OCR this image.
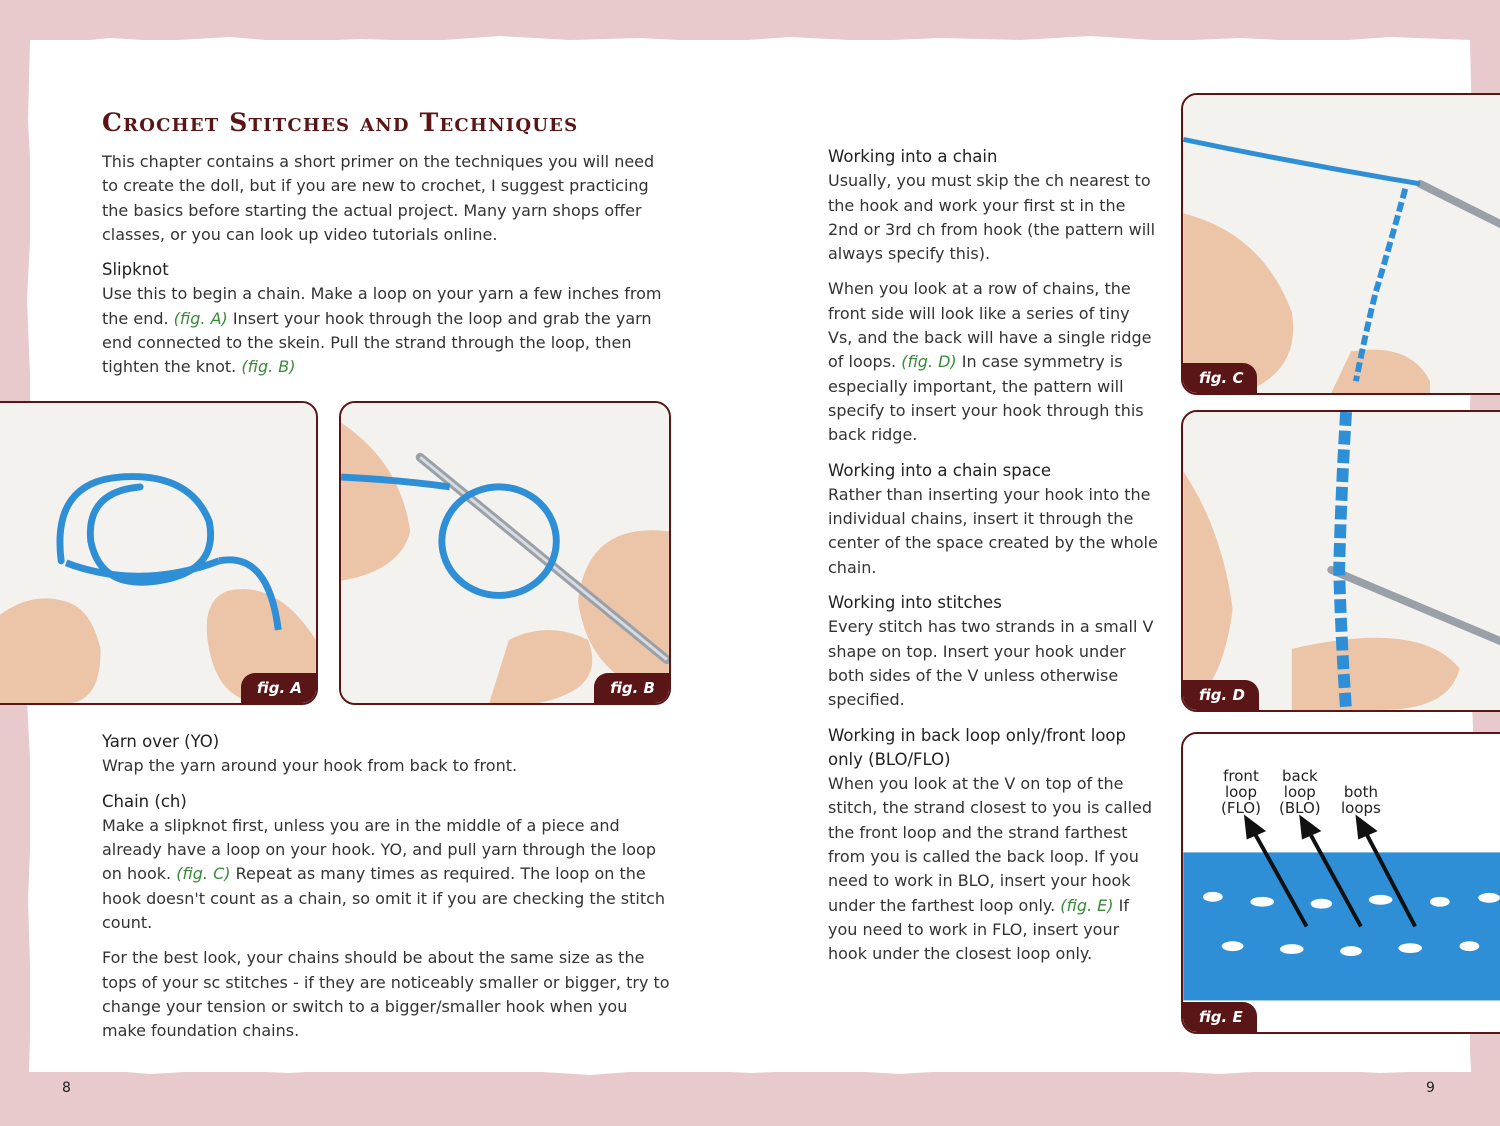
Crochet Stitches and Techniques

This chapter contains a short primer on the techniques you will need to create the doll, but if you are new to crochet, I suggest practicing the basics before starting the actual project. Many yarn shops offer classes, or you can look up video tutorials online.

Slipknot
Use this to begin a chain. Make a loop on your yarn a few inches from the end. (fig. A) Insert your hook through the loop and grab the yarn end connected to the skein. Pull the strand through the loop, then tighten the knot. (fig. B)

fig. A	fig. B

Yarn over (YO)
Wrap the yarn around your hook from back to front.

Chain (ch)
Make a slipknot first, unless you are in the middle of a piece and already have a loop on your hook. YO, and pull yarn through the loop on hook. (fig. C) Repeat as many times as required. The loop on the hook doesn't count as a chain, so omit it if you are checking the stitch count.

For the best look, your chains should be about the same size as the tops of your sc stitches - if they are noticeably smaller or bigger, try to change your tension or switch to a bigger/smaller hook when you make foundation chains.

Working into a chain
Usually, you must skip the ch nearest to the hook and work your first st in the 2nd or 3rd ch from hook (the pattern will always specify this).

When you look at a row of chains, the front side will look like a series of tiny Vs, and the back will have a single ridge of loops. (fig. D) In case symmetry is especially important, the pattern will specify to insert your hook through this back ridge.

Working into a chain space
Rather than inserting your hook into the individual chains, insert it through the center of the space created by the whole chain.

Working into stitches
Every stitch has two strands in a small V shape on top. Insert your hook under both sides of the V unless otherwise specified.

Working in back loop only/front loop only (BLO/FLO)
When you look at the V on top of the stitch, the strand closest to you is called the front loop and the strand farthest from you is called the back loop. If you need to work in BLO, insert your hook under the farthest loop only. (fig. E) If you need to work in FLO, insert your hook under the closest loop only.

fig. C
fig. D
front
loop
(FLO)
back
loop
(BLO)
both
loops
fig. E
8	9
